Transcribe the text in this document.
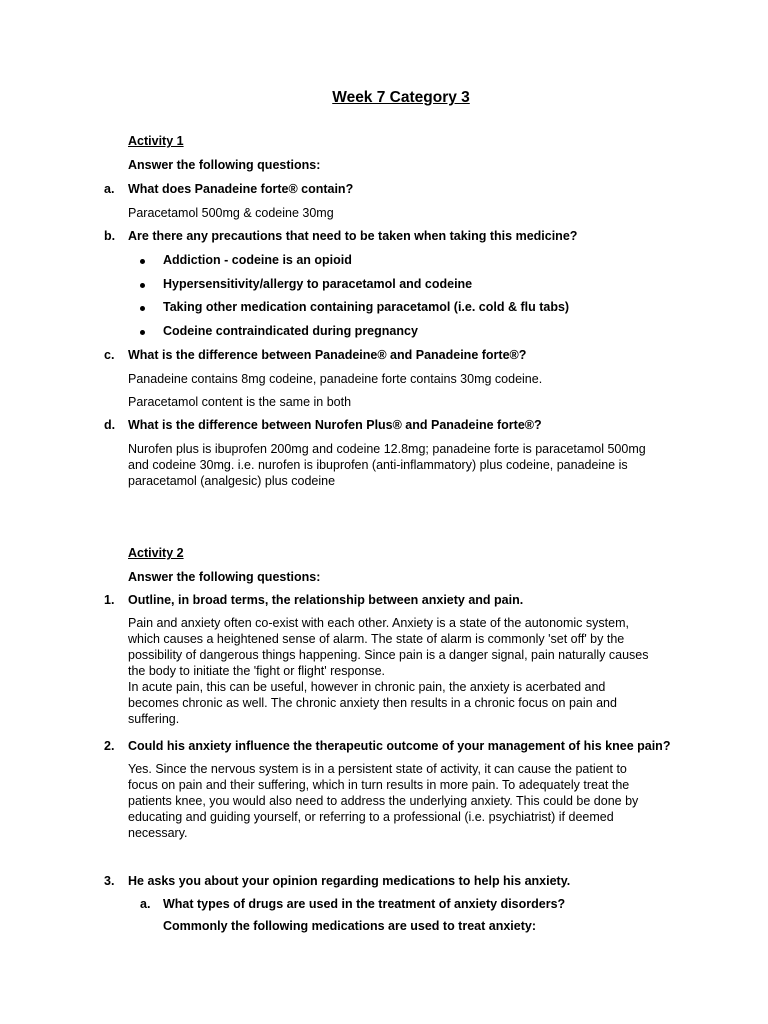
Week 7 Category 3
Activity 1
Answer the following questions:
a. What does Panadeine forte® contain?
Paracetamol 500mg & codeine 30mg
b. Are there any precautions that need to be taken when taking this medicine?
Addiction - codeine is an opioid
Hypersensitivity/allergy to paracetamol and codeine
Taking other medication containing paracetamol (i.e. cold & flu tabs)
Codeine contraindicated during pregnancy
c. What is the difference between Panadeine® and Panadeine forte®?
Panadeine contains 8mg codeine, panadeine forte contains 30mg codeine.
Paracetamol content is the same in both
d. What is the difference between Nurofen Plus® and Panadeine forte®?
Nurofen plus is ibuprofen 200mg and codeine 12.8mg; panadeine forte is paracetamol 500mg
and codeine 30mg. i.e. nurofen is ibuprofen (anti-inflammatory) plus codeine, panadeine is
paracetamol (analgesic) plus codeine
Activity 2
Answer the following questions:
1. Outline, in broad terms, the relationship between anxiety and pain.
Pain and anxiety often co-exist with each other. Anxiety is a state of the autonomic system,
which causes a heightened sense of alarm. The state of alarm is commonly 'set off' by the
possibility of dangerous things happening. Since pain is a danger signal, pain naturally causes
the body to initiate the 'fight or flight' response.
In acute pain, this can be useful, however in chronic pain, the anxiety is acerbated and
becomes chronic as well. The chronic anxiety then results in a chronic focus on pain and
suffering.
2. Could his anxiety influence the therapeutic outcome of your management of his knee pain?
Yes. Since the nervous system is in a persistent state of activity, it can cause the patient to
focus on pain and their suffering, which in turn results in more pain. To adequately treat the
patients knee, you would also need to address the underlying anxiety. This could be done by
educating and guiding yourself, or referring to a professional (i.e. psychiatrist) if deemed
necessary.
3. He asks you about your opinion regarding medications to help his anxiety.
a. What types of drugs are used in the treatment of anxiety disorders?
Commonly the following medications are used to treat anxiety:
